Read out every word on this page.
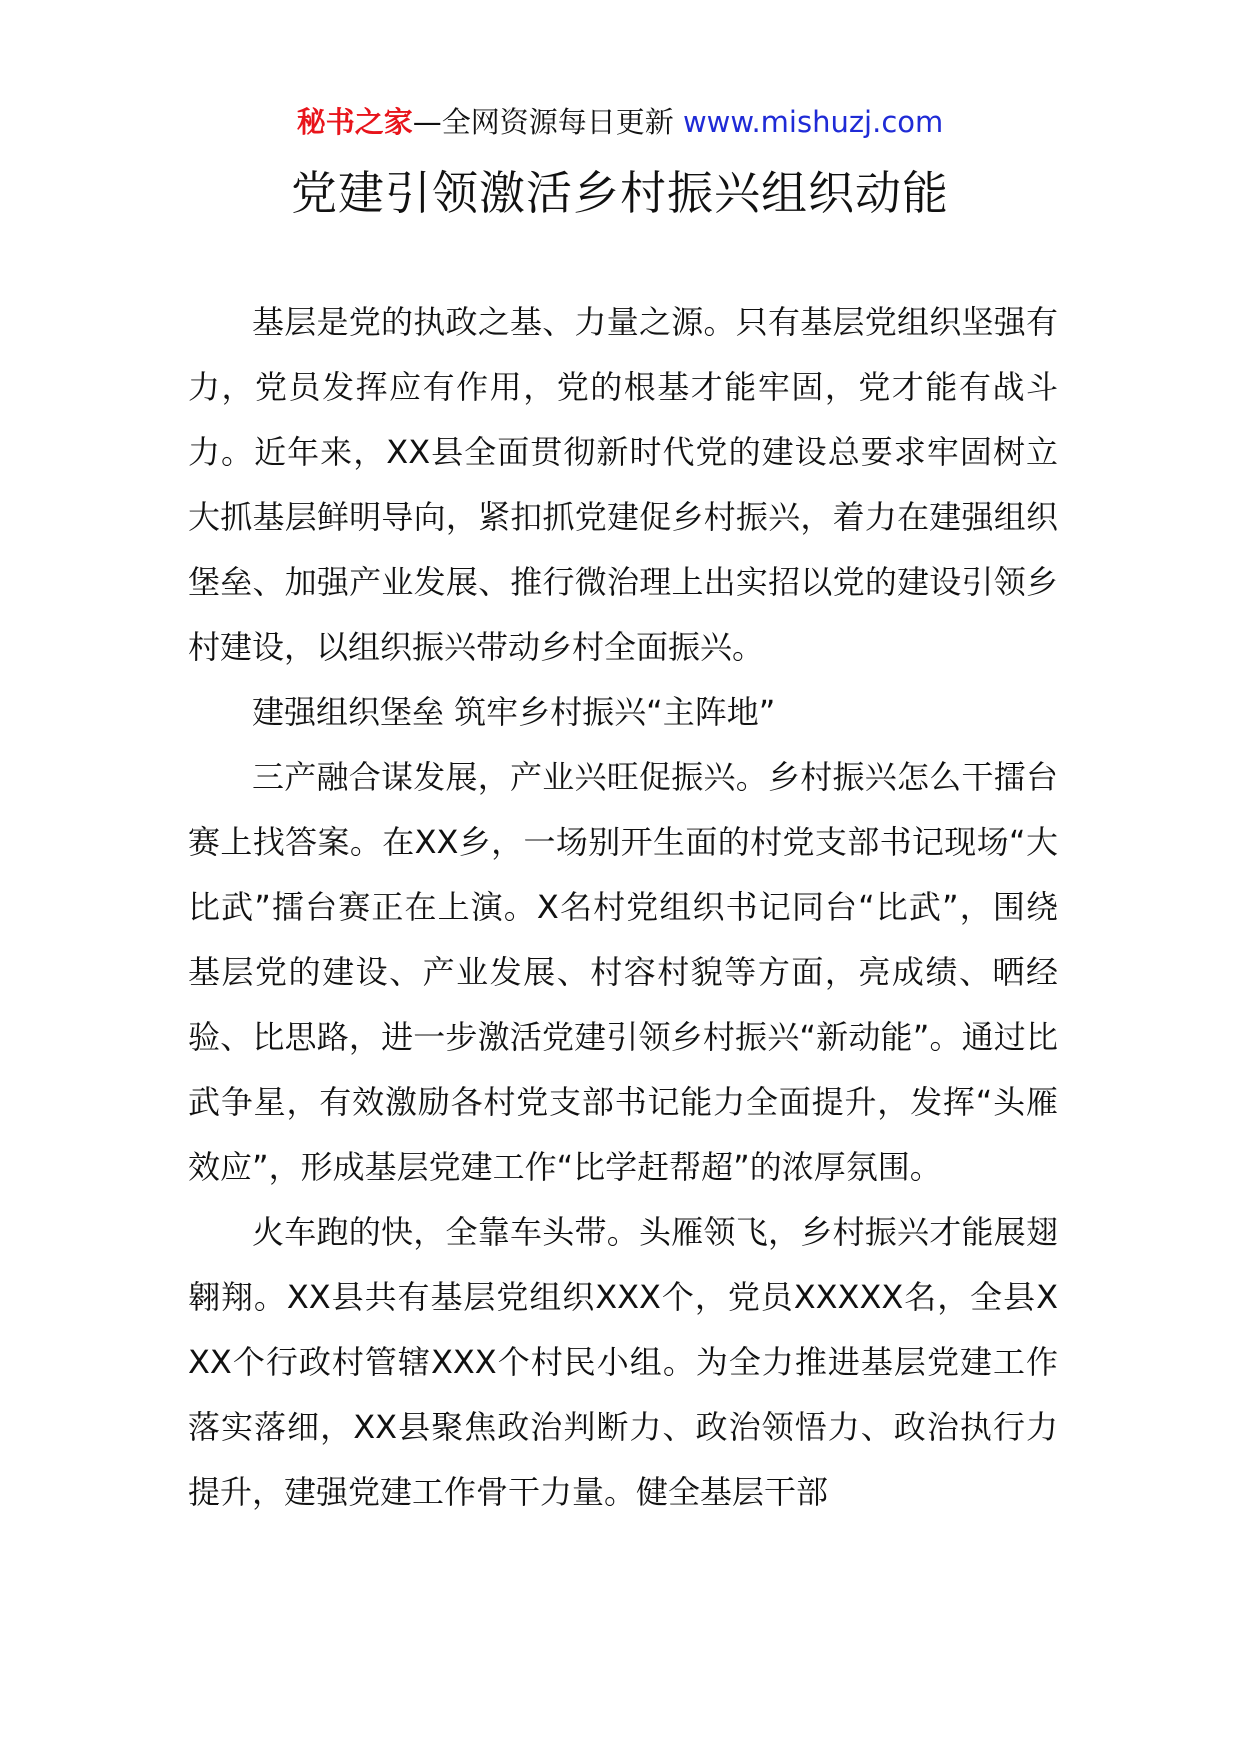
秘书之家—全网资源每日更新 www.mishuzj.com
党建引领激活乡村振兴组织动能

基层是党的执政之基、力量之源。只有基层党组织坚强有力，党员发挥应有作用，党的根基才能牢固，党才能有战斗力。近年来，XX县全面贯彻新时代党的建设总要求牢固树立大抓基层鲜明导向，紧扣抓党建促乡村振兴，着力在建强组织堡垒、加强产业发展、推行微治理上出实招以党的建设引领乡村建设，以组织振兴带动乡村全面振兴。

建强组织堡垒 筑牢乡村振兴“主阵地”

三产融合谋发展，产业兴旺促振兴。乡村振兴怎么干擂台赛上找答案。在XX乡，一场别开生面的村党支部书记现场“大比武”擂台赛正在上演。X名村党组织书记同台“比武”，围绕基层党的建设、产业发展、村容村貌等方面，亮成绩、晒经验、比思路，进一步激活党建引领乡村振兴“新动能”。通过比武争星，有效激励各村党支部书记能力全面提升，发挥“头雁效应”，形成基层党建工作“比学赶帮超”的浓厚氛围。

火车跑的快，全靠车头带。头雁领飞，乡村振兴才能展翅翱翔。XX县共有基层党组织XXX个，党员XXXXX名，全县XXX个行政村管辖XXX个村民小组。为全力推进基层党建工作落实落细，XX县聚焦政治判断力、政治领悟力、政治执行力提升，建强党建工作骨干力量。健全基层干部
